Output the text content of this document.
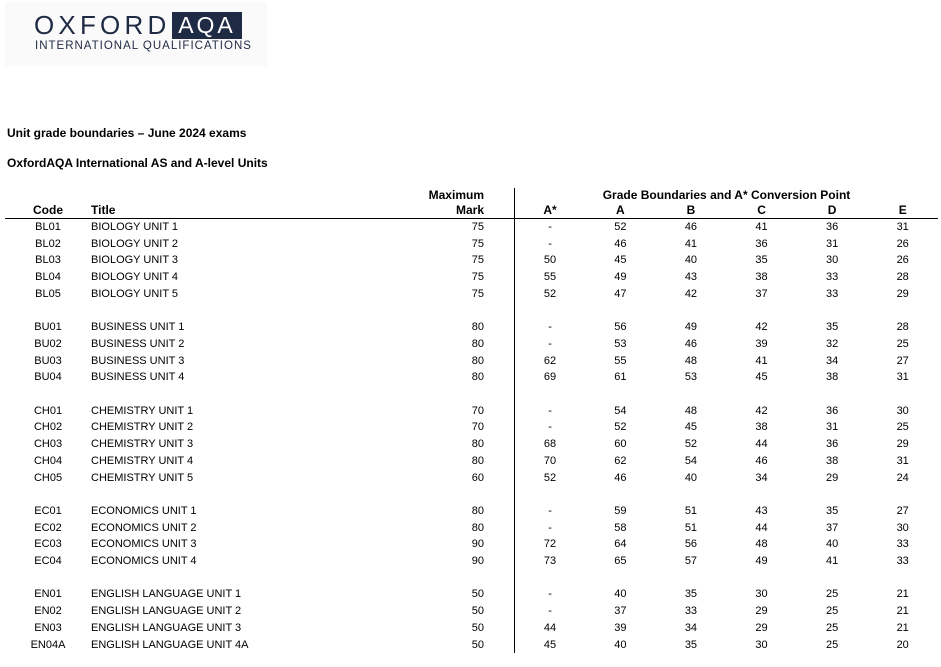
OXFORD AQA
INTERNATIONAL QUALIFICATIONS
Unit grade boundaries – June 2024 exams
OxfordAQA International AS and A-level Units
		Maximum	Grade Boundaries and A* Conversion Point					
Code	Title	Mark	A*	A	B	C	D	E
BL01	BIOLOGY UNIT 1	75	-	52	46	41	36	31
BL02	BIOLOGY UNIT 2	75	-	46	41	36	31	26
BL03	BIOLOGY UNIT 3	75	50	45	40	35	30	26
BL04	BIOLOGY UNIT 4	75	55	49	43	38	33	28
BL05	BIOLOGY UNIT 5	75	52	47	42	37	33	29

BU01	BUSINESS UNIT 1	80	-	56	49	42	35	28
BU02	BUSINESS UNIT 2	80	-	53	46	39	32	25
BU03	BUSINESS UNIT 3	80	62	55	48	41	34	27
BU04	BUSINESS UNIT 4	80	69	61	53	45	38	31

CH01	CHEMISTRY UNIT 1	70	-	54	48	42	36	30
CH02	CHEMISTRY UNIT 2	70	-	52	45	38	31	25
CH03	CHEMISTRY UNIT 3	80	68	60	52	44	36	29
CH04	CHEMISTRY UNIT 4	80	70	62	54	46	38	31
CH05	CHEMISTRY UNIT 5	60	52	46	40	34	29	24

EC01	ECONOMICS UNIT 1	80	-	59	51	43	35	27
EC02	ECONOMICS UNIT 2	80	-	58	51	44	37	30
EC03	ECONOMICS UNIT 3	90	72	64	56	48	40	33
EC04	ECONOMICS UNIT 4	90	73	65	57	49	41	33

EN01	ENGLISH LANGUAGE UNIT 1	50	-	40	35	30	25	21
EN02	ENGLISH LANGUAGE UNIT 2	50	-	37	33	29	25	21
EN03	ENGLISH LANGUAGE UNIT 3	50	44	39	34	29	25	21
EN04A	ENGLISH LANGUAGE UNIT 4A	50	45	40	35	30	25	20
